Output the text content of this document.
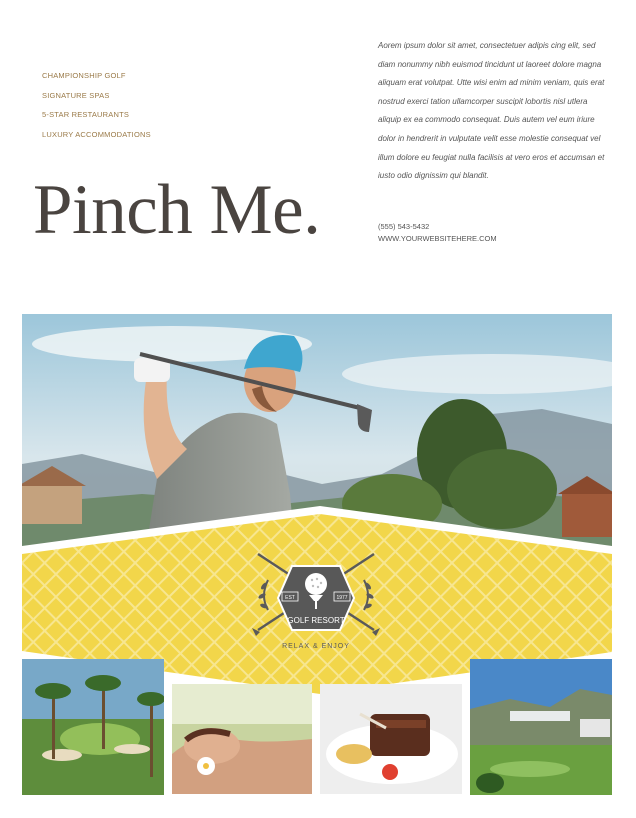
CHAMPIONSHIP GOLF
SIGNATURE SPAS
5-STAR RESTAURANTS
LUXURY ACCOMMODATIONS
Pinch Me.

Aorem ipsum dolor sit amet, consectetuer adipis cing elit, sed diam nonummy nibh euismod tincidunt ut laoreet dolore magna aliquam erat volutpat. Utte wisi enim ad minim veniam, quis erat nostrud exerci tation ullamcorper suscipit lobortis nisl utlera aliquip ex ea commodo consequat. Duis autem vel eum iriure dolor in hendrerit in vulputate velit esse molestie consequat vel illum dolore eu feugiat nulla facilisis at vero eros et accumsan et iusto odio dignissim qui blandit.

(555) 543-5432
WWW.YOURWEBSITEHERE.COM
EST	1977
GOLF RESORT
RELAX & ENJOY
